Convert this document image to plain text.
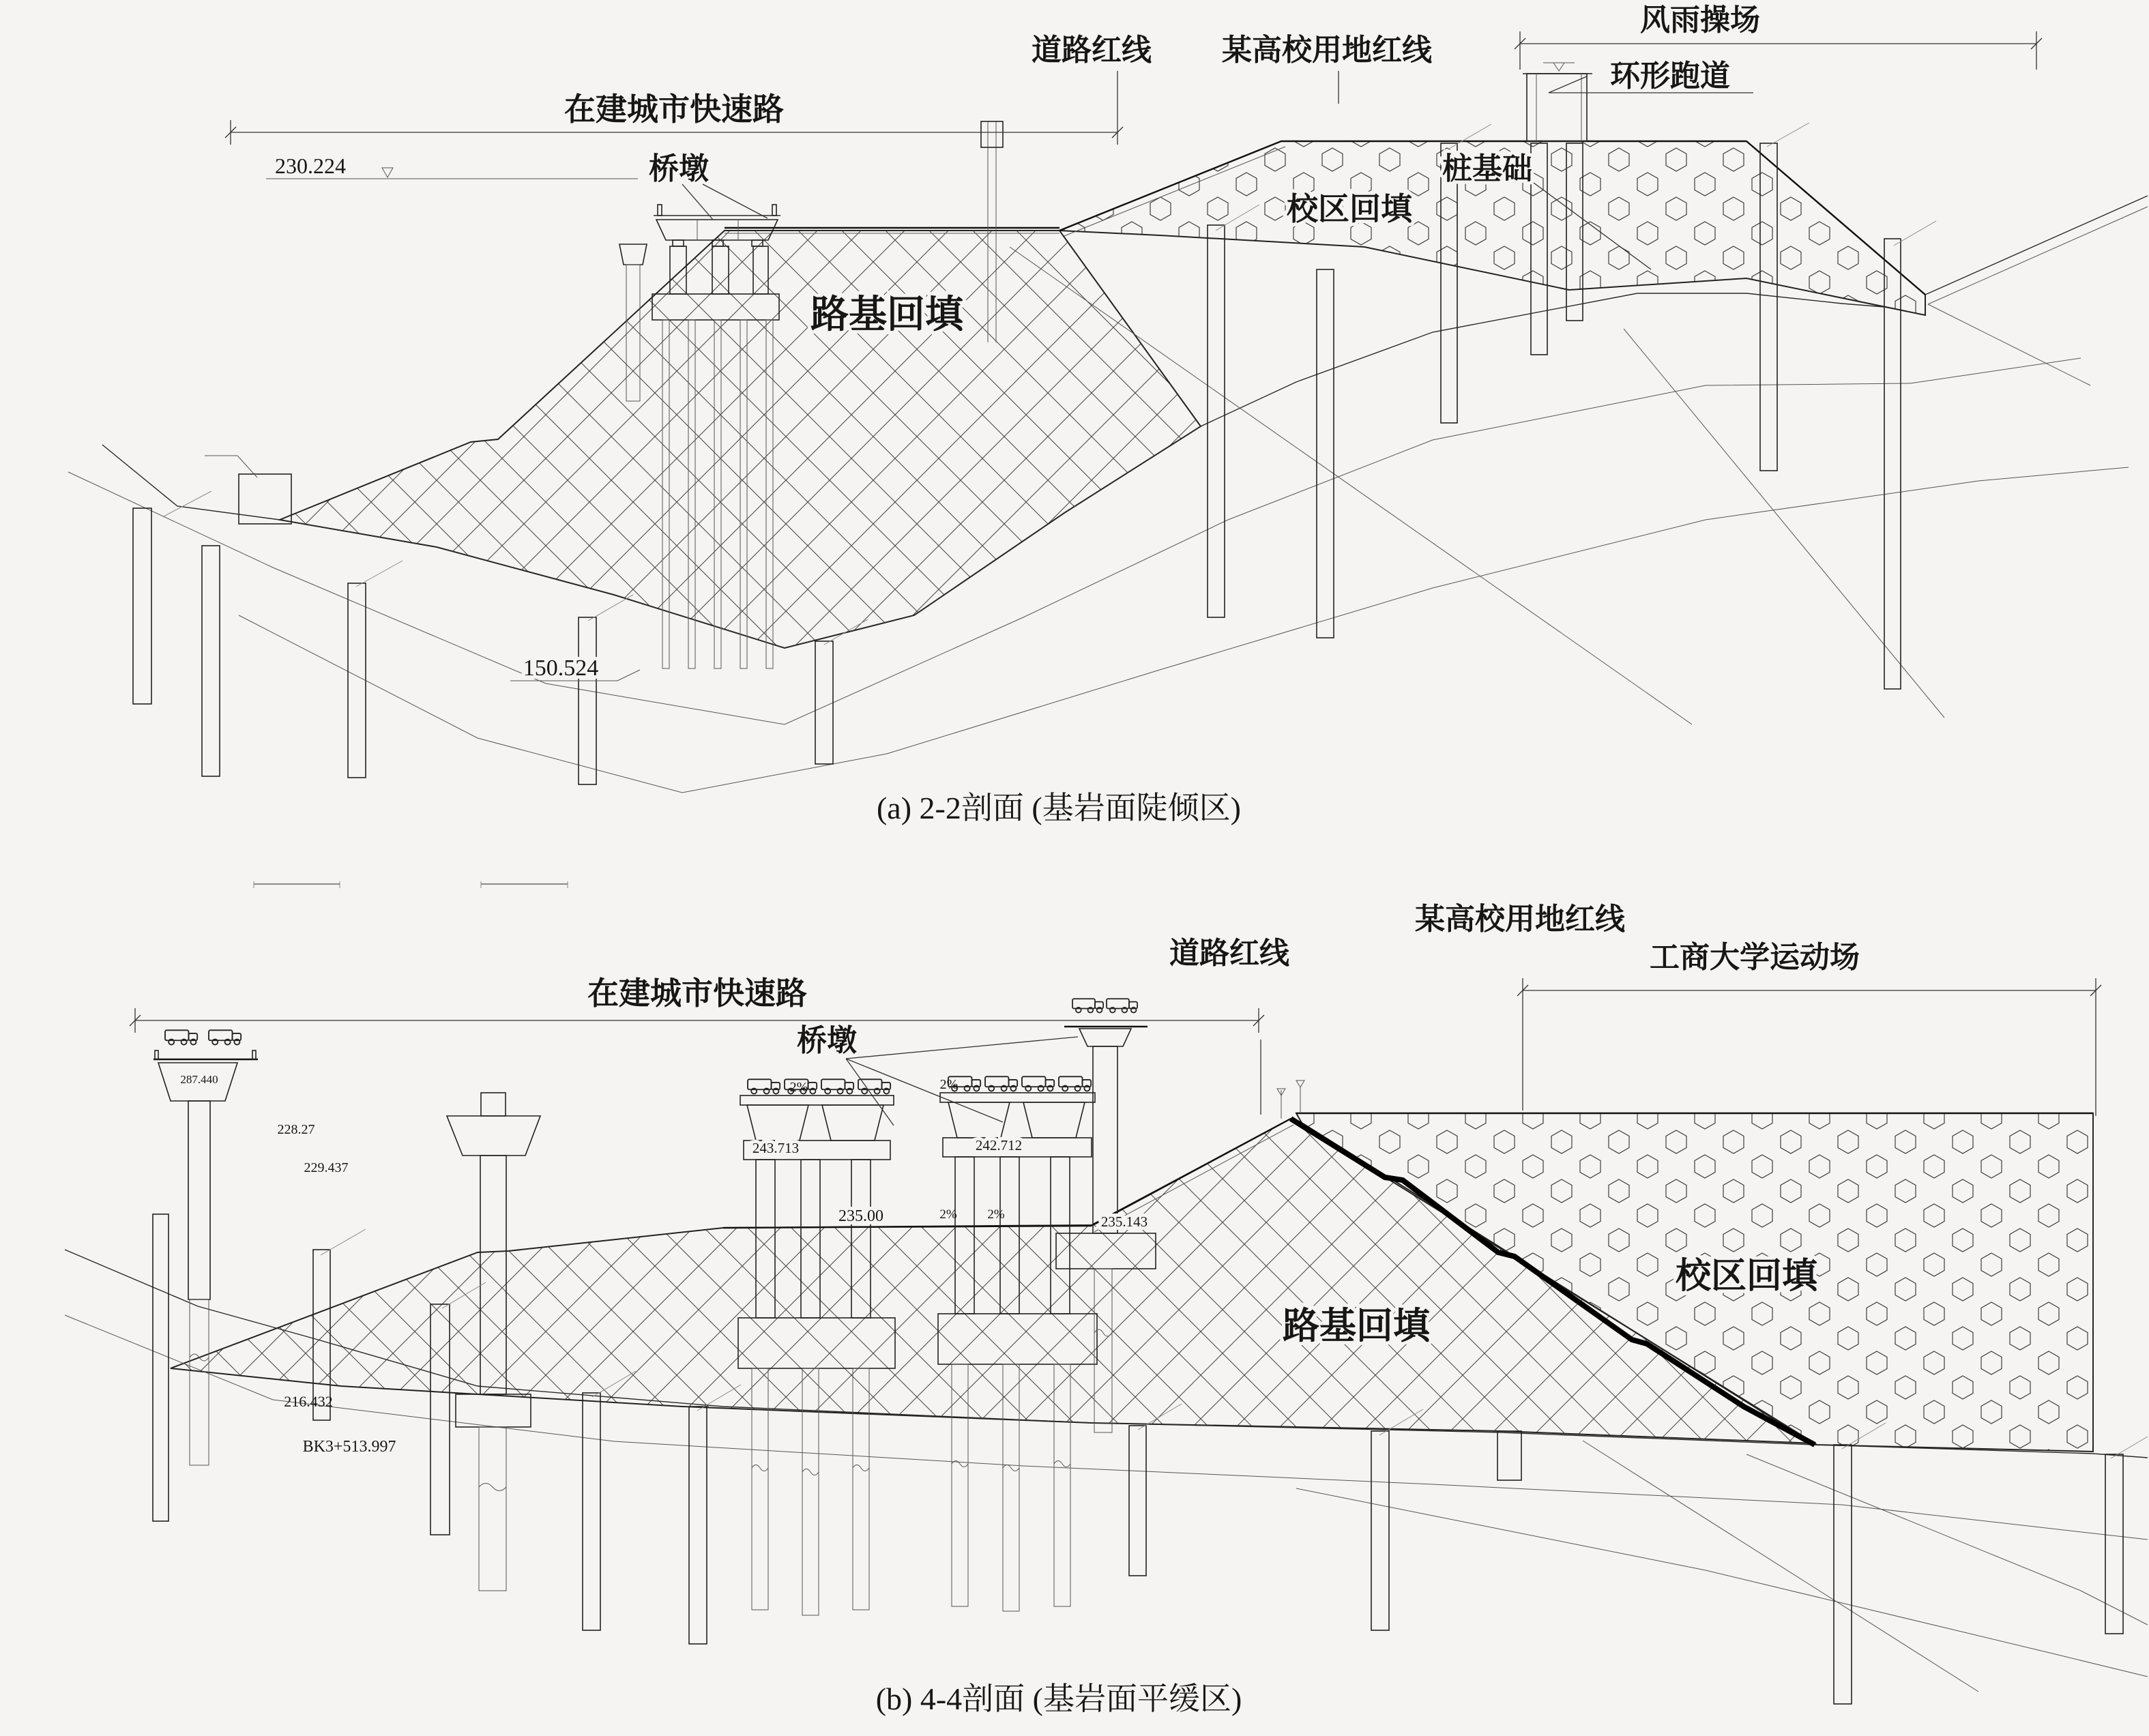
在建城市快速路
道路红线 某高校用地红线
风雨操场
环形跑道
桥墩	桩基础
校区回填
路基回填
230.224
150.524
(a) 2-2剖面 (基岩面陡倾区)
某高校用地红线
工商大学运动场
道路红线
在建城市快速路
桥墩
路基回填
校区回填
235.00
243.713	242.712
235.143
287.440
228.27
229.437
216.432
BK3+513.997
2%	2%
2% 2%
(b) 4-4剖面 (基岩面平缓区)
